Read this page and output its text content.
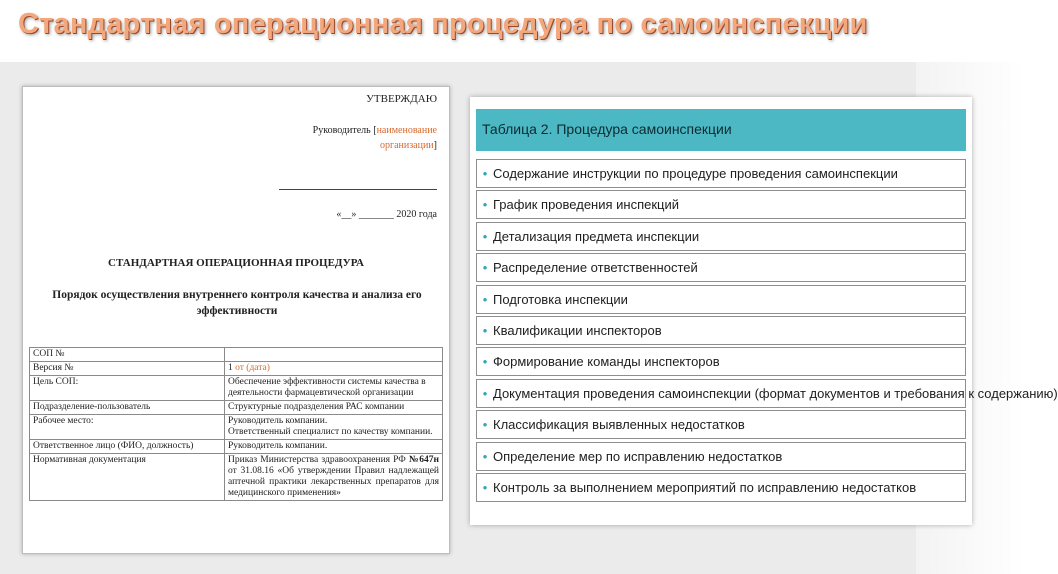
Стандартная операционная процедура по самоинспекции
УТВЕРЖДАЮ
Руководитель [наименование
организации]
«__» _______ 2020 года
СТАНДАРТНАЯ ОПЕРАЦИОННАЯ ПРОЦЕДУРА
Порядок осуществления внутреннего контроля качества и анализа его эффективности
СОП №	
Версия №	1 от (дата)
Цель СОП:	Обеспечение эффективности системы качества в деятельности фармацевтической организации
Подразделение-пользователь	Структурные подразделения РАС компании
Рабочее место:	Руководитель компании.
Ответственный специалист по качеству компании.
Ответственное лицо (ФИО, должность)	Руководитель компании.
Нормативная документация	Приказ Министерства здравоохранения РФ №647н от 31.08.16 «Об утверждении Правил надлежащей аптечной практики лекарственных препаратов для медицинского применения»
Таблица 2. Процедура самоинспекции
• Содержание инструкции по процедуре проведения самоинспекции
• График проведения инспекций
• Детализация предмета инспекции
• Распределение ответственностей
• Подготовка инспекции
• Квалификации инспекторов
• Формирование команды инспекторов
• Документация проведения самоинспекции (формат документов и требования к содержанию)
• Классификация выявленных недостатков
• Определение мер по исправлению недостатков
• Контроль за выполнением мероприятий по исправлению недостатков
